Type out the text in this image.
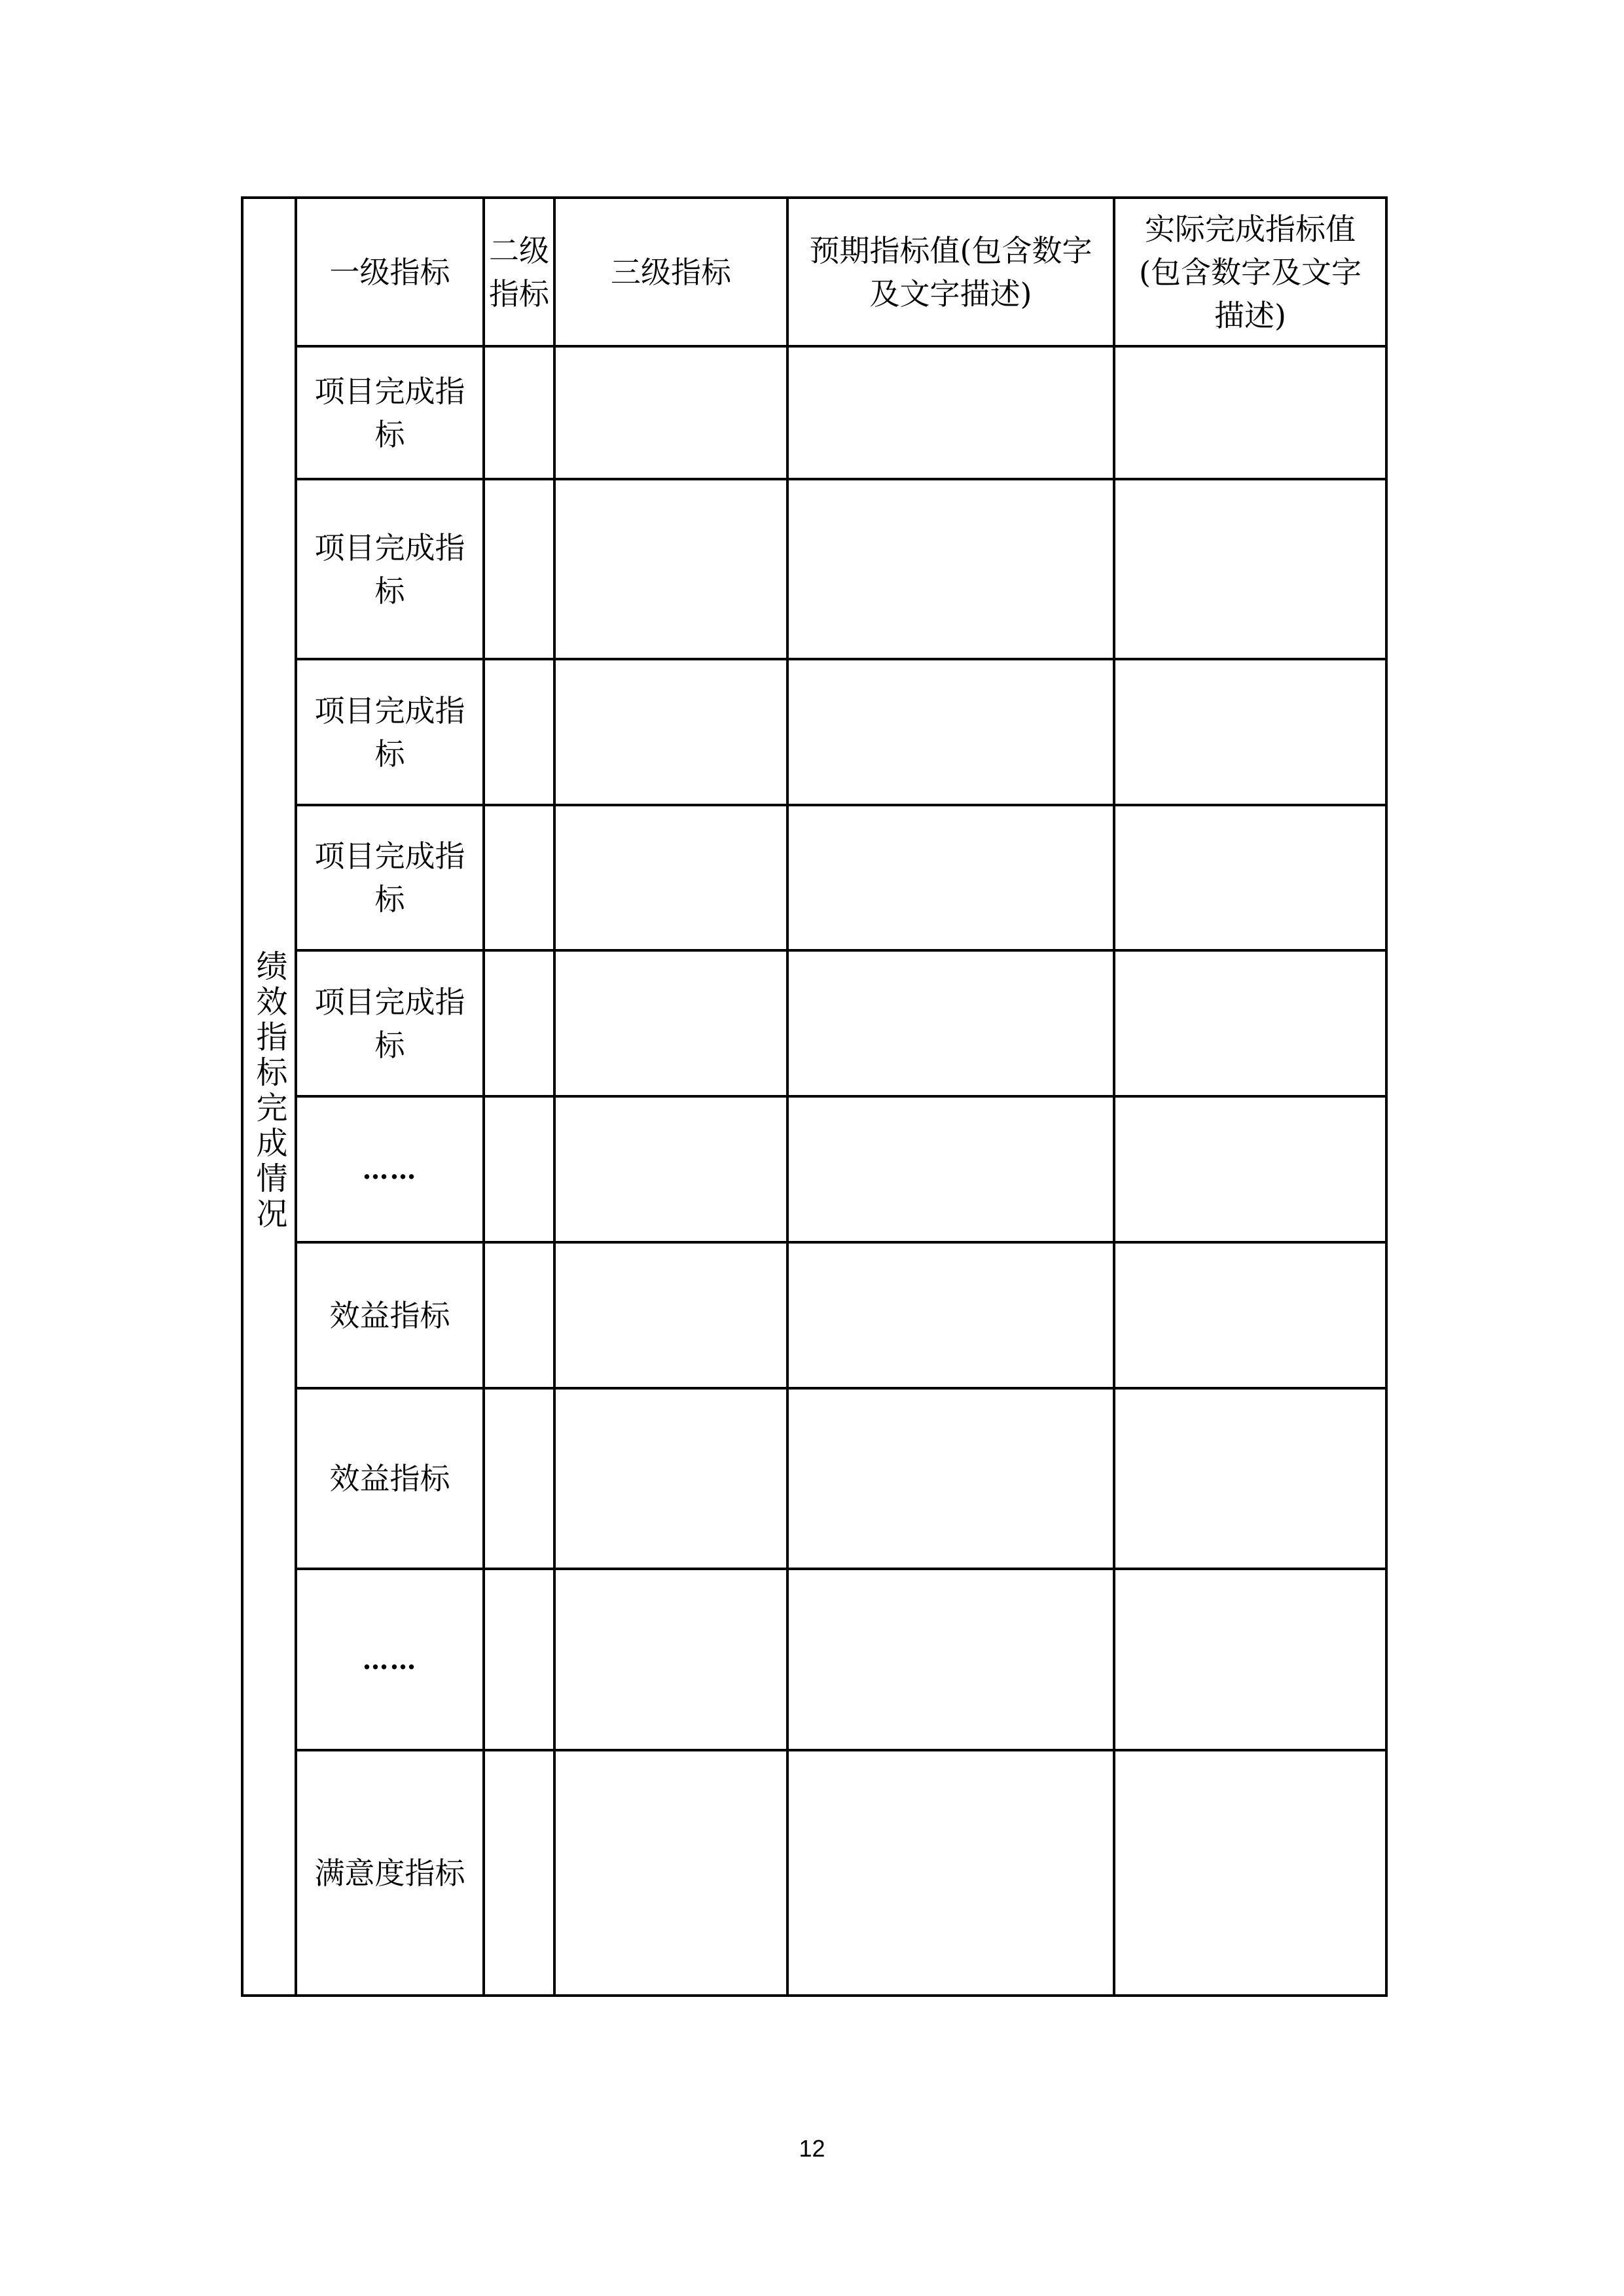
绩效指标完成情况	一级指标	二级指标	三级指标	预期指标值(包含数字及文字描述)	实际完成指标值(包含数字及文字描述)
	项目完成指标				
	项目完成指标				
	项目完成指标				
	项目完成指标				
	项目完成指标				
	……				
	效益指标				
	效益指标				
	……				
	满意度指标				
12
